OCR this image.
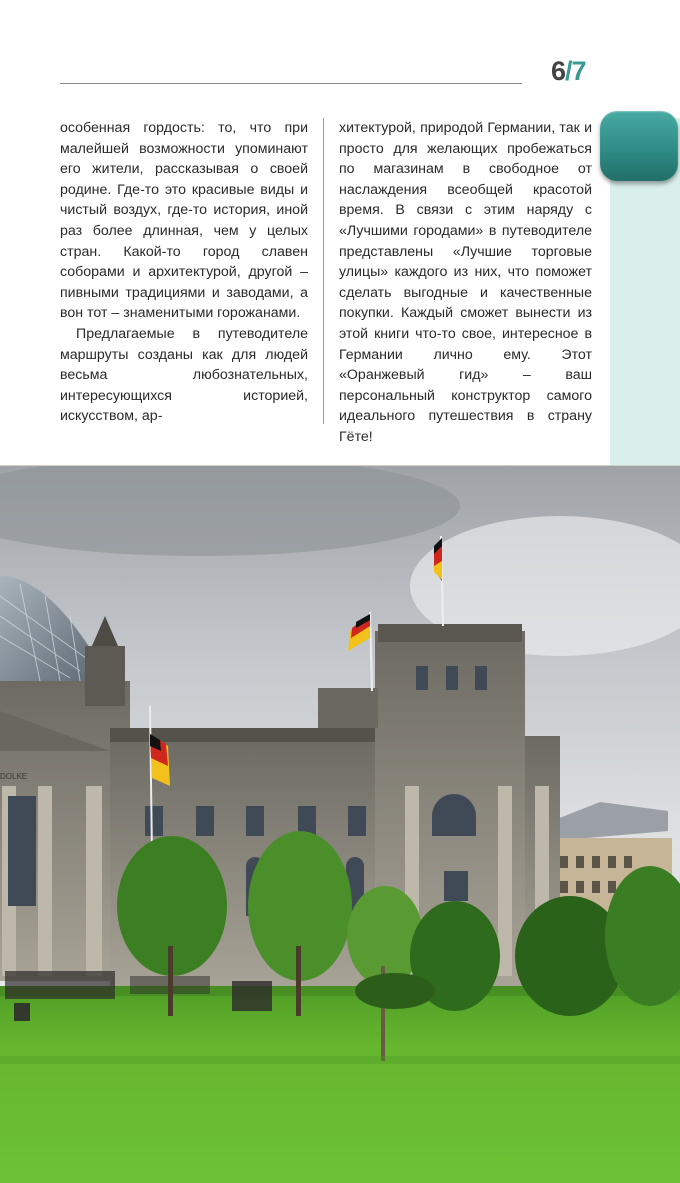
6/7

особенная гордость: то, что при малейшей возможности упоминают его жители, рассказывая о своей родине. Где-то это красивые виды и чистый воздух, где-то история, иной раз более длинная, чем у целых стран. Какой-то город славен соборами и архитектурой, другой – пивными традициями и заводами, а вон тот – знаменитыми горожанами.

Предлагаемые в путеводителе маршруты созданы как для людей весьма любознательных, интересующихся историей, искусством, ар-

хитектурой, природой Германии, так и просто для желающих пробежаться по магазинам в свободное от наслаждения всеобщей красотой время. В связи с этим наряду с «Лучшими городами» в путеводителе представлены «Лучшие торговые улицы» каждого из них, что поможет сделать выгодные и качественные покупки. Каждый сможет вынести из этой книги что-то свое, интересное в Германии лично ему. Этот «Оранжевый гид» – ваш персональный конструктор самого идеального путешествия в страну Гёте!

DOLKE
